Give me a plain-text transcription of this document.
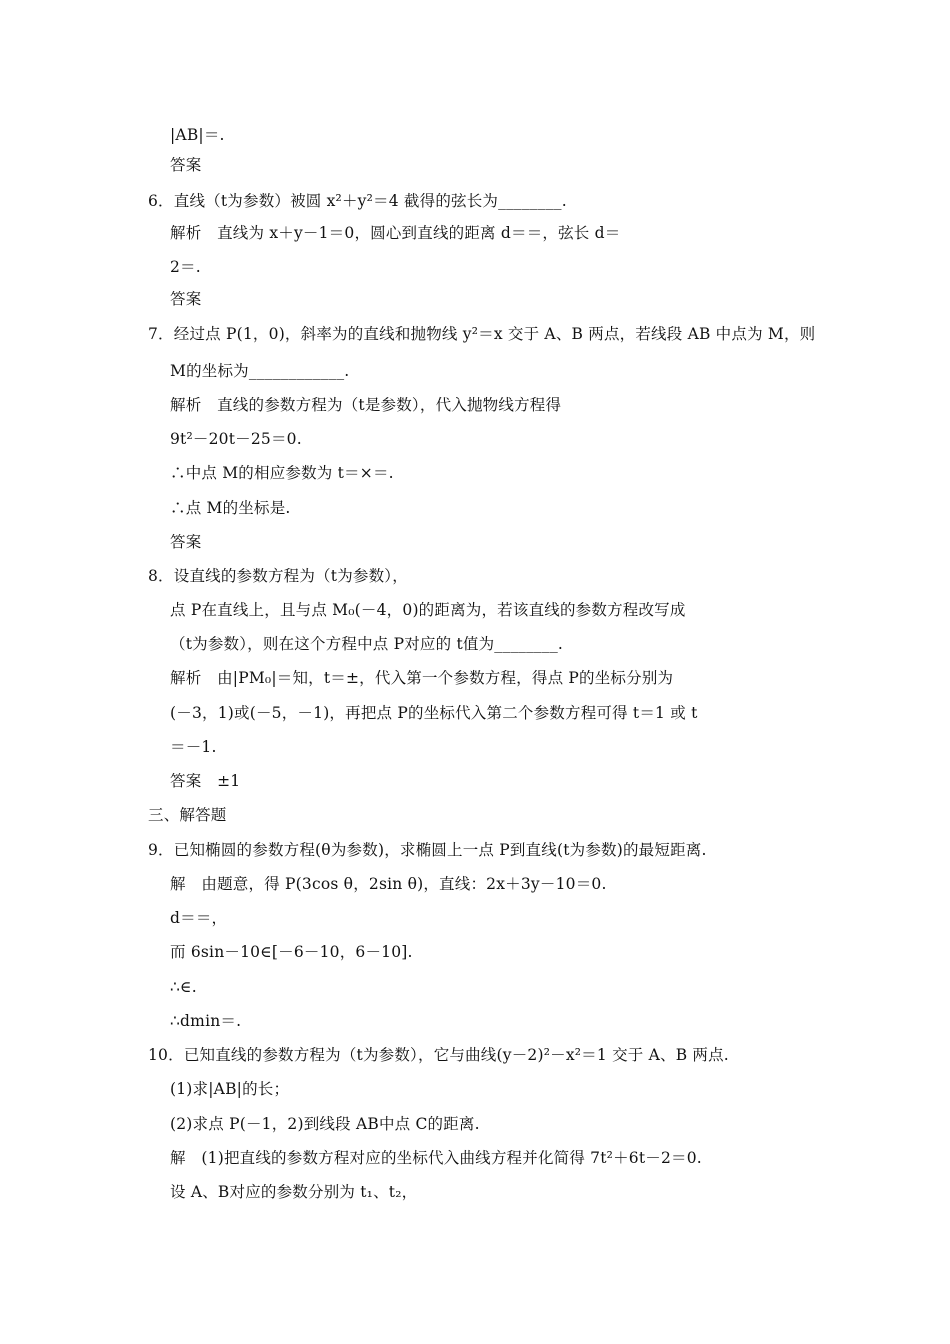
|AB|＝.
答案
6．直线（t为参数）被圆 x²＋y²＝4 截得的弦长为________.
解析　直线为 x＋y－1＝0，圆心到直线的距离 d＝＝，弦长 d＝
2＝.
答案
7．经过点 P(1，0)，斜率为的直线和抛物线 y²＝x 交于 A、B 两点，若线段 AB 中点为 M，则
M的坐标为____________.
解析　直线的参数方程为（t是参数），代入抛物线方程得
9t²－20t－25＝0.
∴中点 M的相应参数为 t＝×＝.
∴点 M的坐标是.
答案
8．设直线的参数方程为（t为参数），
点 P在直线上，且与点 M₀(－4，0)的距离为，若该直线的参数方程改写成
（t为参数），则在这个方程中点 P对应的 t值为________.
解析　由|PM₀|＝知，t＝±，代入第一个参数方程，得点 P的坐标分别为
(－3，1)或(－5，－1)，再把点 P的坐标代入第二个参数方程可得 t＝1 或 t
＝－1.
答案　±1
三、解答题
9．已知椭圆的参数方程(θ为参数)，求椭圆上一点 P到直线(t为参数)的最短距离.
解　由题意，得 P(3cos θ，2sin θ)，直线：2x＋3y－10＝0.
d＝＝，
而 6sin－10∈[－6－10，6－10].
∴∈.
∴dmin＝.
10．已知直线的参数方程为（t为参数），它与曲线(y－2)²－x²＝1 交于 A、B 两点.
(1)求|AB|的长；
(2)求点 P(－1，2)到线段 AB中点 C的距离.
解　(1)把直线的参数方程对应的坐标代入曲线方程并化简得 7t²＋6t－2＝0.
设 A、B对应的参数分别为 t₁、t₂，
